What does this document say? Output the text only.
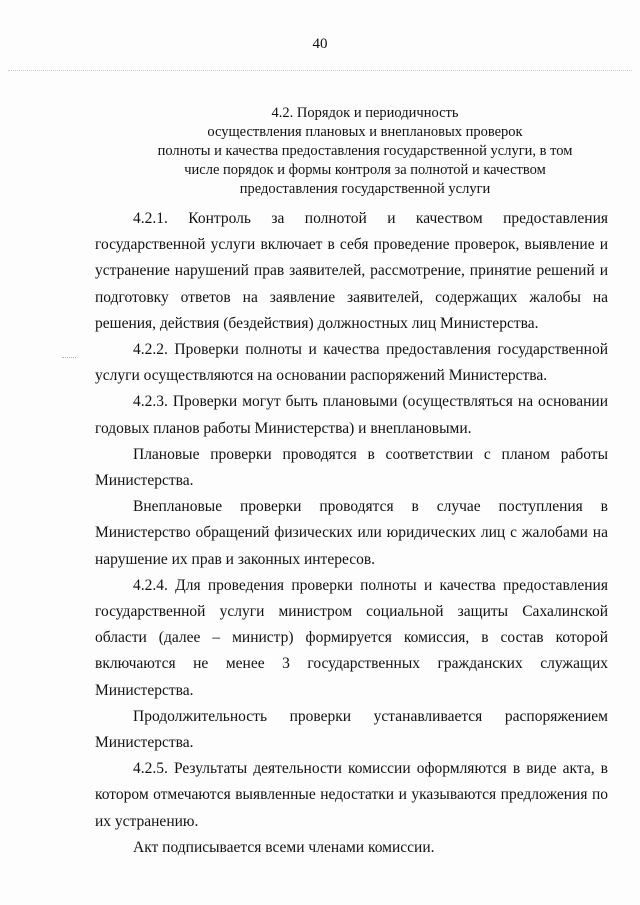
40
4.2. Порядок и периодичность
осуществления плановых и внеплановых проверок
полноты и качества предоставления государственной услуги, в том
числе порядок и формы контроля за полнотой и качеством
предоставления государственной услуги

4.2.1. Контроль за полнотой и качеством предоставления государственной услуги включает в себя проведение проверок, выявление и устранение нарушений прав заявителей, рассмотрение, принятие решений и подготовку ответов на заявление заявителей, содержащих жалобы на решения, действия (бездействия) должностных лиц Министерства.

4.2.2. Проверки полноты и качества предоставления государственной услуги осуществляются на основании распоряжений Министерства.

4.2.3. Проверки могут быть плановыми (осуществляться на основании годовых планов работы Министерства) и внеплановыми.

Плановые проверки проводятся в соответствии с планом работы Министерства.

Внеплановые проверки проводятся в случае поступления в Министерство обращений физических или юридических лиц с жалобами на нарушение их прав и законных интересов.

4.2.4. Для проведения проверки полноты и качества предоставления государственной услуги министром социальной защиты Сахалинской области (далее – министр) формируется комиссия, в состав которой включаются не менее 3 государственных гражданских служащих Министерства.

Продолжительность проверки устанавливается распоряжением Министерства.

4.2.5. Результаты деятельности комиссии оформляются в виде акта, в котором отмечаются выявленные недостатки и указываются предложения по их устранению.

Акт подписывается всеми членами комиссии.
